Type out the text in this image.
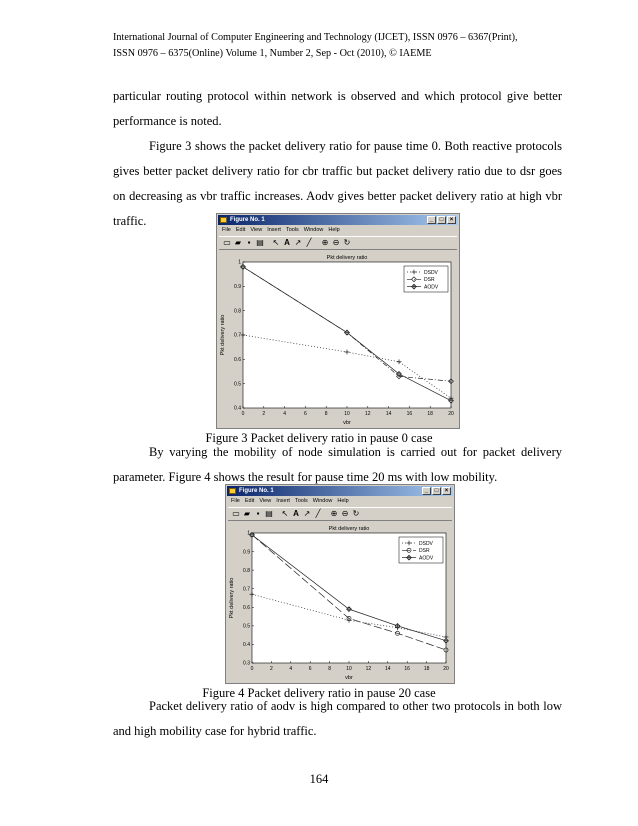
International Journal of Computer Engineering and Technology (IJCET), ISSN 0976 – 6367(Print),
ISSN 0976 – 6375(Online) Volume 1, Number 2, Sep - Oct (2010), © IAEME

particular routing protocol within network is observed and which protocol give better performance is noted.

Figure 3 shows the packet delivery ratio for pause time 0. Both reactive protocols gives better packet delivery ratio for cbr traffic but packet delivery ratio due to dsr goes on decreasing as vbr traffic increases. Aodv gives better packet delivery ratio at high vbr traffic.	Figure No. 1	_	□	×
File Edit View Insert Tools Window Help
▭ ▰ ▪ ▤ ↖ A ↗ ╱	⊕ ⊖ ↻
Pkt delivery ratio
0	2	4	6	8	10	12	14	16	18	20
0.4
0.5
0.6
0.7
0.8
0.9
1
vbr
Pkt delivery ratio
DSDV
DSR
AODV
Figure 3 Packet delivery ratio in pause 0 case

By varying the mobility of node simulation is carried out for packet delivery parameter. Figure 4 shows the result for pause time 20 ms with low mobility.

Figure No. 1	_	□	×
File Edit View Insert Tools Window Help
▭ ▰ ▪ ▤ ↖ A ↗ ╱	⊕ ⊖ ↻
Pkt delivery ratio
0	2	4	6	8	10	12	14	16	18	20
0.3
0.4
0.5
0.6
0.7
0.8
0.9
1
vbr
Pkt delivery ratio
DSDV
DSR
AODV
Figure 4 Packet delivery ratio in pause 20 case

Packet delivery ratio of aodv is high compared to other two protocols in both low and high mobility case for hybrid traffic.

164
